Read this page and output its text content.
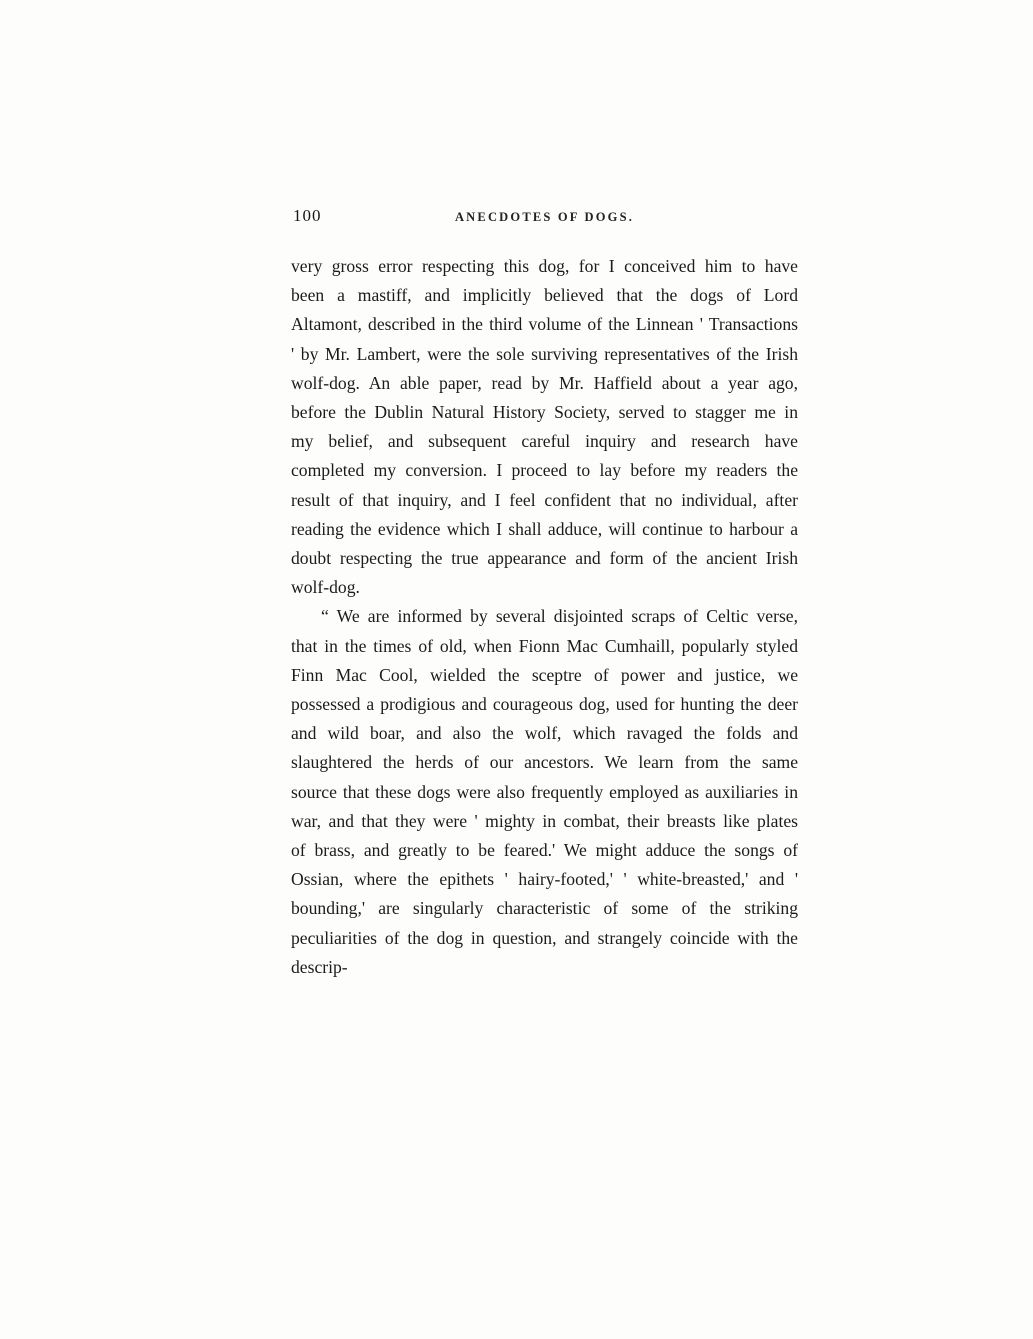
100	ANECDOTES OF DOGS.

very gross error respecting this dog, for I conceived him to have been a mastiff, and implicitly believed that the dogs of Lord Altamont, described in the third volume of the Linnean ' Transactions ' by Mr. Lambert, were the sole surviving representatives of the Irish wolf-dog. An able paper, read by Mr. Haffield about a year ago, before the Dublin Natural History Society, served to stagger me in my belief, and subsequent careful inquiry and research have completed my conversion. I proceed to lay before my readers the result of that inquiry, and I feel confident that no individual, after reading the evidence which I shall adduce, will continue to harbour a doubt respecting the true appearance and form of the ancient Irish wolf-dog.

“ We are informed by several disjointed scraps of Celtic verse, that in the times of old, when Fionn Mac Cumhaill, popularly styled Finn Mac Cool, wielded the sceptre of power and justice, we possessed a prodigious and courageous dog, used for hunting the deer and wild boar, and also the wolf, which ravaged the folds and slaughtered the herds of our ancestors. We learn from the same source that these dogs were also frequently employed as auxiliaries in war, and that they were ' mighty in combat, their breasts like plates of brass, and greatly to be feared.' We might adduce the songs of Ossian, where the epithets ' hairy-footed,' ' white-breasted,' and ' bounding,' are singularly characteristic of some of the striking peculiarities of the dog in question, and strangely coincide with the descrip-
